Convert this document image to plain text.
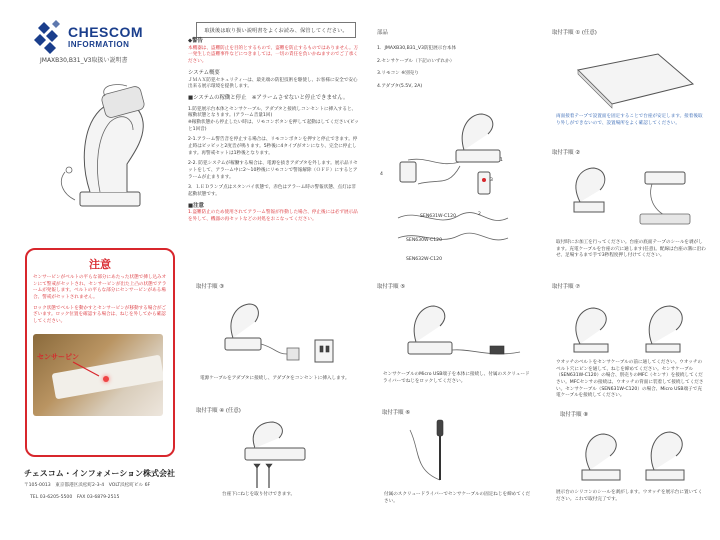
CHESCOM
INFORMATION
JMAXB30,B31_V3取扱い説明書
注意
センサーピンがベルトの平らな部分にあたった状態で挿し込みオンにて警戒がセットされ、センサーピンが出た上凸の状態でアラームが発報します。ベルトの平らな部分にセンサーピンがある場合、警戒がセットされません。
ロック状態でベルトを動かすとセンサーピンが移動する場合がございます。ロック位置を確認する場合は、ねじを外してから確認してください。
センサーピン
チェスコム・インフォメーション株式会社
〒105-0013　東京都港区浜松町2-3-4　VOLT浜松町ビル 6F
TEL 03-6205-5500　FAX 03-6879-2515
取扱後は取り扱い説明書をよくお読み、保管してください。
◆警告
本機器は、盗難防止を目的とするもので、盗難を防止するものではありません。万一発生した盗難事件などにつきましては、一切の責任を負いかねますのでご了承ください。
システム概要
ＪＭＡＸ防犯セキュリティーは、最先端の防犯技術を駆使し、お客様に安全で安心出来る展示環境を提供します。
■システムの稼働と停止　※アラームさせないと停止できません。
1.防犯展示台本体とセンサケーブル、アダプタと接続しコンセントに挿入すると、稼動状態となります。(アラーム音量1回)
※稼動状態から停止したい時は、リモコンボタンを押して起動はしてください(ビッと1回音)
2-1.アラーム警告音を停止する場合は、リモコンボタンを押すと停止できます。停止時はビッビッと2度音が鳴ります。5秒後に4タイプがオンになり、完全に停止します。再警戒セットは1秒後となります。
2-2. 防犯システムが稼働する場合は、電源を抜きアダプタを外します。展示品リセットをして、アラーム中に2～10秒後にリモコンで警報解除（ＯＦＦ）にするとアラームが止まります。
3．ＬＥＤランプ点はスタンバイ状態で、赤色はアラーム時の警報状態、点灯は非起動状態です。
■注意
1.盗難防止のため使用されてアラーム警報が作動した場合、停止後には必ず展示品を外して、機器の再セットなどの対処をおこなってください。
取付手順 ③
電源ケーブルをアダプタに接続し、アダプタをコンセントに挿入します。
取付手順 ④ (任意)
台座下にねじを取り付けできます。
部品
1．JMAXB30,B31_V3防犯展示台本体
2.センサケーブル（下記のいずれか）
3.リモコン ※別売り
4.アダプタ(5.5V, 2A)
1
2
3
4
SEN631W-C120
SEN630W-C120
SEN632W-C120
取付手順 ⑤
センサケーブルのMicro USB端子を本体に接続し、付属のスクリュードライバーでねじをロックしてください。
取付手順 ⑥
付属のスクリュードライバーでセンサケーブルの固定ねじを締めてください。
取付手順 ① (任意)
両面接着テープで設置面を固定することで台座が安定します。接着後取り外しができないので、設置場所をよく確認してください。
取付手順 ②
取付時にお加工を行ってください。台座の底面テープのシールを剥がします。充電ケーブルを台座の穴に通します(任意)。配線は台座の溝に沿わせ、足場するまで手で3秒程度押し付けてください。
取付手順 ⑦
ウオッチのベルトをセンサケーブルの前に通してください。ウオッチのベルト穴にピンを通して、ねじを締めてください。センサケーブル（SEN631W-C120）の場合、別売りのMFC（センサ）を接続してください。MFCセンサの接続は、ウオッチの背面に装着して接続してください。センサケーブル（SEN631W-C120）の場合、Micro USB端子で充電ケーブルを接続してください。
取付手順 ⑧
展示台のシリコンのシールを剥がします。ウオッチを展示台に置いてください。これで取付完了です。
